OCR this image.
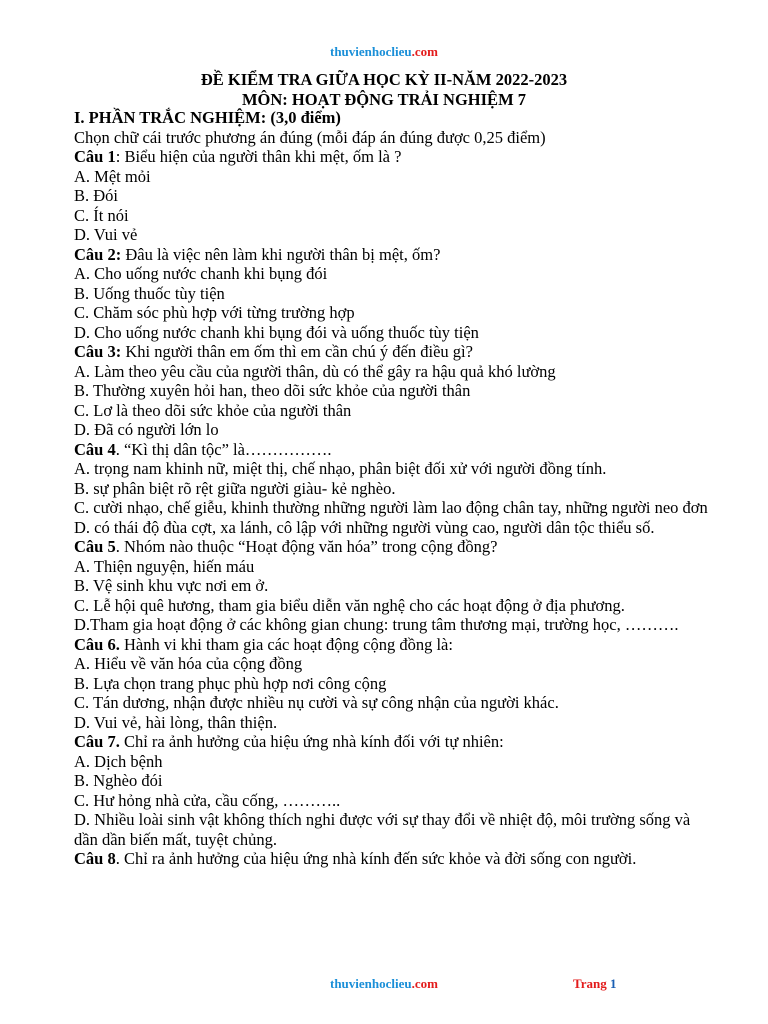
thuvienhoclieu.com
ĐỀ KIỂM TRA GIỮA HỌC KỲ II-NĂM 2022-2023
MÔN: HOẠT ĐỘNG TRẢI NGHIỆM 7
I. PHẦN TRẮC NGHIỆM: (3,0 điểm)
Chọn chữ cái trước phương án đúng (mỗi đáp án đúng được 0,25 điểm)
Câu 1: Biểu hiện của người thân khi mệt, ốm là ?
A. Mệt mỏi
B. Đói
C. Ít nói
D. Vui vẻ
Câu 2: Đâu là việc nên làm khi người thân bị mệt, ốm?
A. Cho uống nước chanh khi bụng đói
B. Uống thuốc tùy tiện
C. Chăm sóc phù hợp với từng trường hợp
D. Cho uống nước chanh khi bụng đói và uống thuốc tùy tiện
Câu 3: Khi người thân em ốm thì em cần chú ý đến điều gì?
A. Làm theo yêu cầu của người thân, dù có thể gây ra hậu quả khó lường
B. Thường xuyên hỏi han, theo dõi sức khỏe của người thân
C. Lơ là theo dõi sức khỏe của người thân
D. Đã có người lớn lo
Câu 4. “Kì thị dân tộc” là…………….
A. trọng nam khinh nữ, miệt thị, chế nhạo, phân biệt đối xử với người đồng tính.
B. sự phân biệt rõ rệt giữa người giàu- kẻ nghèo.
C. cười nhạo, chế giễu, khinh thường những người làm lao động chân tay, những người neo đơn
D. có thái độ đùa cợt, xa lánh, cô lập với những người vùng cao, người dân tộc thiểu số.
Câu 5. Nhóm nào thuộc “Hoạt động văn hóa” trong cộng đồng?
A. Thiện nguyện, hiến máu
B. Vệ sinh khu vực nơi em ở.
C. Lễ hội quê hương, tham gia biểu diễn văn nghệ cho các hoạt động ở địa phương.
D.Tham gia hoạt động ở các không gian chung: trung tâm thương mại, trường học, ……….
Câu 6. Hành vi khi tham gia các hoạt động cộng đồng là:
A. Hiểu về văn hóa của cộng đồng
B. Lựa chọn trang phục phù hợp nơi công cộng
C. Tán dương, nhận được nhiều nụ cười và sự công nhận của người khác.
D. Vui vẻ, hài lòng, thân thiện.
Câu 7. Chỉ ra ảnh hưởng của hiệu ứng nhà kính đối với tự nhiên:
A. Dịch bệnh
B. Nghèo đói
C. Hư hỏng nhà cửa, cầu cống, ………..
D. Nhiều loài sinh vật không thích nghi được với sự thay đổi về nhiệt độ, môi trường sống và dần dần biến mất, tuyệt chủng.
Câu 8. Chỉ ra ảnh hưởng của hiệu ứng nhà kính đến sức khỏe và đời sống con người.
thuvienhoclieu.com	Trang 1
